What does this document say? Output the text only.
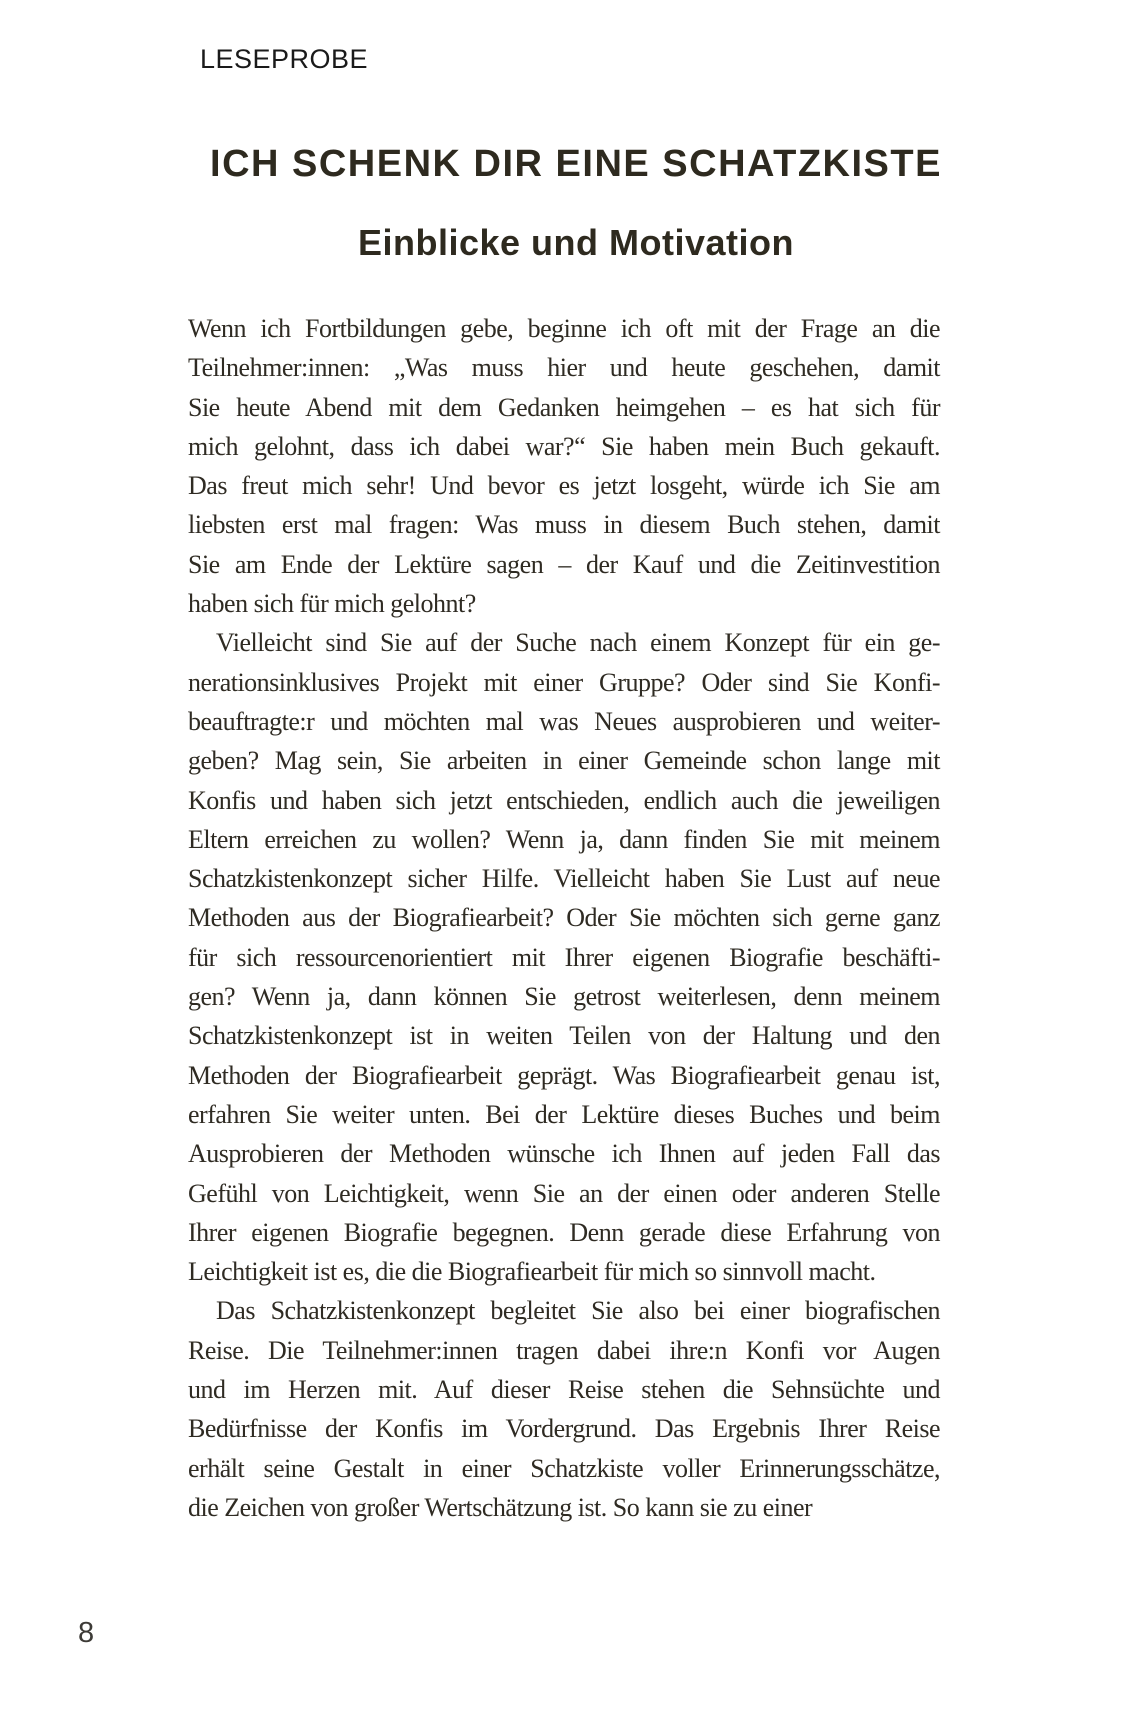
LESEPROBE
ICH SCHENK DIR EINE SCHATZKISTE
Einblicke und Motivation
Wenn ich Fortbildungen gebe, beginne ich oft mit der Frage an die
Teilnehmer:innen: „Was muss hier und heute geschehen, damit
Sie heute Abend mit dem Gedanken heimgehen – es hat sich für
mich gelohnt, dass ich dabei war?“ Sie haben mein Buch gekauft.
Das freut mich sehr! Und bevor es jetzt losgeht, würde ich Sie am
liebsten erst mal fragen: Was muss in diesem Buch stehen, damit
Sie am Ende der Lektüre sagen – der Kauf und die Zeitinvestition
haben sich für mich gelohnt?
Vielleicht sind Sie auf der Suche nach einem Konzept für ein ge-
nerationsinklusives Projekt mit einer Gruppe? Oder sind Sie Konfi-
beauftragte:r und möchten mal was Neues ausprobieren und weiter-
geben? Mag sein, Sie arbeiten in einer Gemeinde schon lange mit
Konfis und haben sich jetzt entschieden, endlich auch die jeweiligen
Eltern erreichen zu wollen? Wenn ja, dann finden Sie mit meinem
Schatzkistenkonzept sicher Hilfe. Vielleicht haben Sie Lust auf neue
Methoden aus der Biografiearbeit? Oder Sie möchten sich gerne ganz
für sich ressourcenorientiert mit Ihrer eigenen Biografie beschäfti-
gen? Wenn ja, dann können Sie getrost weiterlesen, denn meinem
Schatzkistenkonzept ist in weiten Teilen von der Haltung und den
Methoden der Biografiearbeit geprägt. Was Biografiearbeit genau ist,
erfahren Sie weiter unten. Bei der Lektüre dieses Buches und beim
Ausprobieren der Methoden wünsche ich Ihnen auf jeden Fall das
Gefühl von Leichtigkeit, wenn Sie an der einen oder anderen Stelle
Ihrer eigenen Biografie begegnen. Denn gerade diese Erfahrung von
Leichtigkeit ist es, die die Biografiearbeit für mich so sinnvoll macht.
Das Schatzkistenkonzept begleitet Sie also bei einer biografischen
Reise. Die Teilnehmer:innen tragen dabei ihre:n Konfi vor Augen
und im Herzen mit. Auf dieser Reise stehen die Sehnsüchte und
Bedürfnisse der Konfis im Vordergrund. Das Ergebnis Ihrer Reise
erhält seine Gestalt in einer Schatzkiste voller Erinnerungsschätze,
die Zeichen von großer Wertschätzung ist. So kann sie zu einer
8
